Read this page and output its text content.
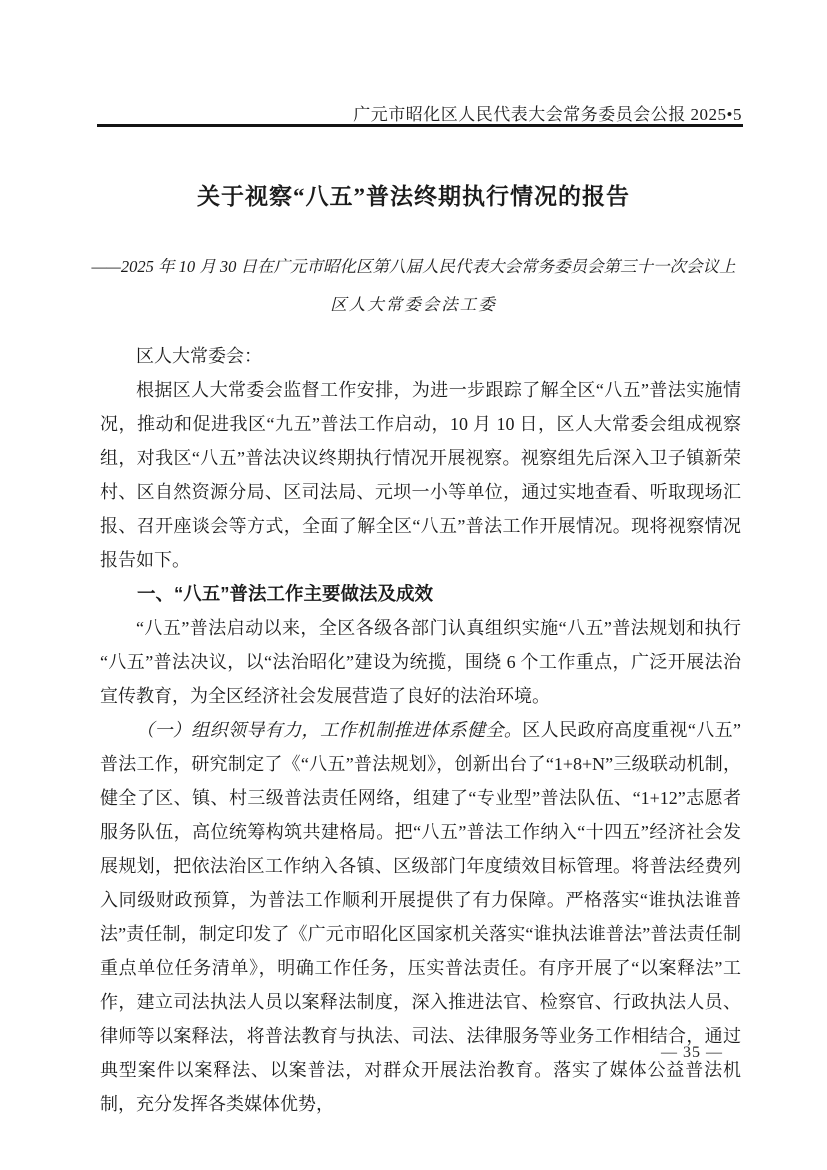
广元市昭化区人民代表大会常务委员会公报 2025•5
关于视察“八五”普法终期执行情况的报告
——2025 年 10 月 30 日在广元市昭化区第八届人民代表大会常务委员会第三十一次会议上
区人大常委会法工委
区人大常委会：
根据区人大常委会监督工作安排，为进一步跟踪了解全区“八五”普法实施情况，推动和促进我区“九五”普法工作启动，10 月 10 日，区人大常委会组成视察组，对我区“八五”普法决议终期执行情况开展视察。视察组先后深入卫子镇新荣村、区自然资源分局、区司法局、元坝一小等单位，通过实地查看、听取现场汇报、召开座谈会等方式，全面了解全区“八五”普法工作开展情况。现将视察情况报告如下。
一、“八五”普法工作主要做法及成效
“八五”普法启动以来，全区各级各部门认真组织实施“八五”普法规划和执行“八五”普法决议，以“法治昭化”建设为统揽，围绕 6 个工作重点，广泛开展法治宣传教育，为全区经济社会发展营造了良好的法治环境。
（一）组织领导有力，工作机制推进体系健全。区人民政府高度重视“八五”普法工作，研究制定了《“八五”普法规划》，创新出台了“1+8+N”三级联动机制，健全了区、镇、村三级普法责任网络，组建了“专业型”普法队伍、“1+12”志愿者服务队伍，高位统筹构筑共建格局。把“八五”普法工作纳入“十四五”经济社会发展规划，把依法治区工作纳入各镇、区级部门年度绩效目标管理。将普法经费列入同级财政预算，为普法工作顺利开展提供了有力保障。严格落实“谁执法谁普法”责任制，制定印发了《广元市昭化区国家机关落实“谁执法谁普法”普法责任制重点单位任务清单》，明确工作任务，压实普法责任。有序开展了“以案释法”工作，建立司法执法人员以案释法制度，深入推进法官、检察官、行政执法人员、律师等以案释法，将普法教育与执法、司法、法律服务等业务工作相结合，通过典型案件以案释法、以案普法，对群众开展法治教育。落实了媒体公益普法机制，充分发挥各类媒体优势，
— 35 —
